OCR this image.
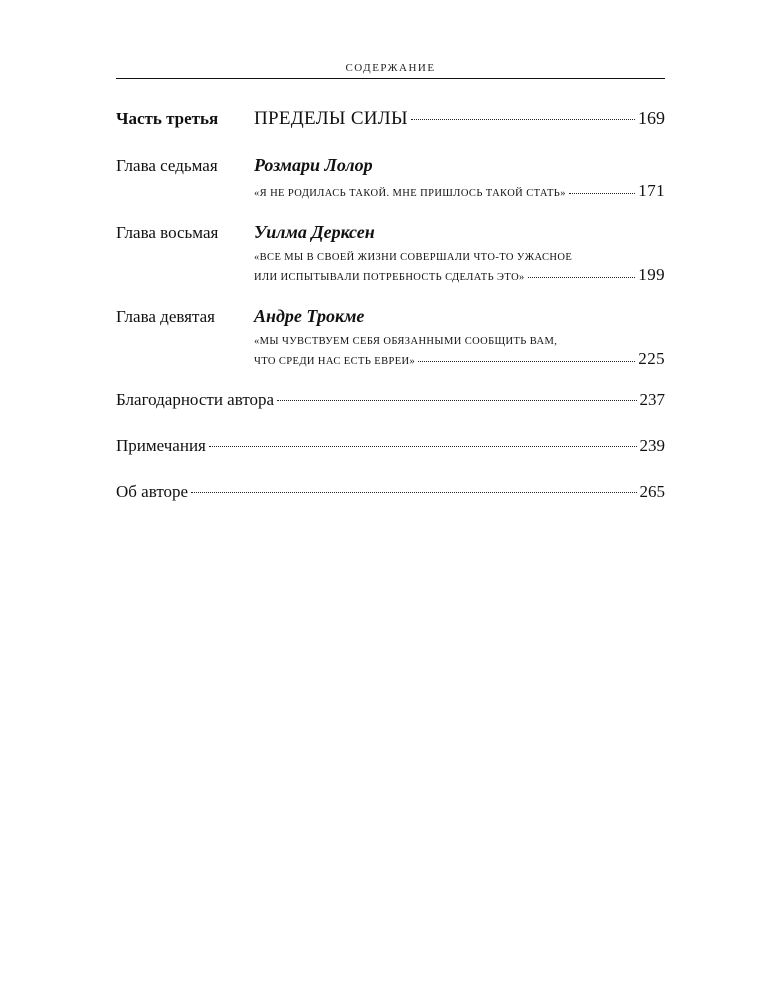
СОДЕРЖАНИЕ
Часть третья ПРЕДЕЛЫ СИЛЫ	169
Глава седьмая Розмари Лолор
«Я НЕ РОДИЛАСЬ ТАКОЙ. МНЕ ПРИШЛОСЬ ТАКОЙ СТАТЬ»	171
Глава восьмая Уилма Дерксен
«ВСЕ МЫ В СВОЕЙ ЖИЗНИ СОВЕРШАЛИ ЧТО-ТО УЖАСНОЕ
ИЛИ ИСПЫТЫВАЛИ ПОТРЕБНОСТЬ СДЕЛАТЬ ЭТО»	199
Глава девятая Андре Трокме
«МЫ ЧУВСТВУЕМ СЕБЯ ОБЯЗАННЫМИ СООБЩИТЬ ВАМ,
ЧТО СРЕДИ НАС ЕСТЬ ЕВРЕИ»	225
Благодарности автора	237
Примечания	239
Об авторе	265
